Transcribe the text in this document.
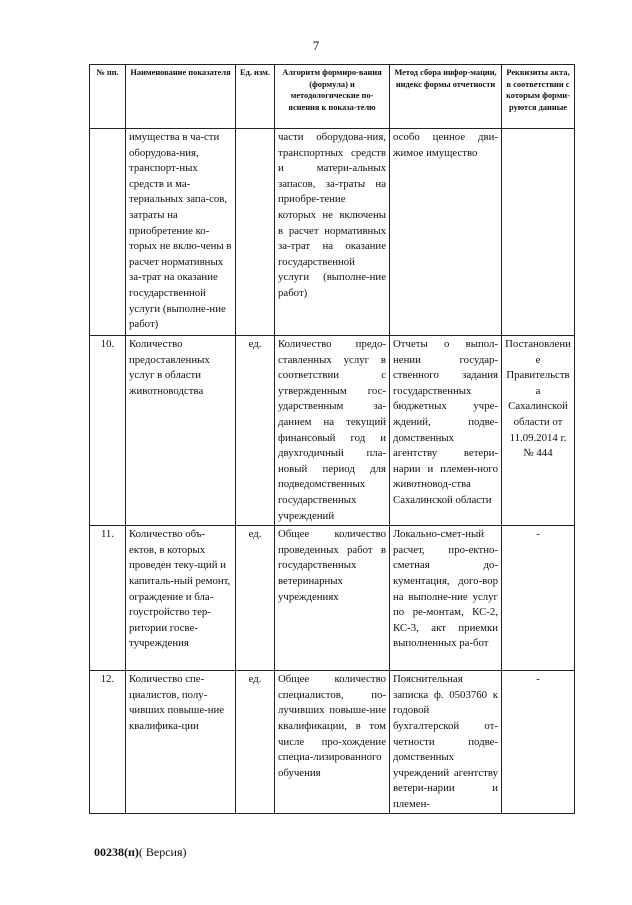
7
№ пп.	Наименование показателя	Ед. изм.	Алгоритм формиро-вания (формула) и методологические по-яснения к показа-телю	Метод сбора инфор-мации, индекс формы отчетности	Реквизиты акта, в соответствии с которым форми-руются данные
	имущества в ча-сти оборудова-ния, транспорт-ных средств и ма-териальных запа-сов, затраты на приобретение ко-торых не вклю-чены в расчет нормативных за-трат на оказание государственной услуги (выполне-ние работ)		части оборудова-ния, транспортных средств и матери-альных запасов, за-траты на приобре-тение которых не включены в расчет нормативных за-трат на оказание государственной услуги (выполне-ние работ)	особо ценное дви-жимое имущество	
10.	Количество предоставленных услуг в области животноводства	ед.	Количество предо-ставленных услуг в соответствии с утвержденным гос-ударственным за-данием на текущий финансовый год и двухгодичный пла-новый период для подведомственных государственных учреждений	Отчеты о выпол-нении государ-ственного задания государственных бюджетных учре-ждений, подве-домственных агентству ветери-нарии и племен-ного животновод-ства Сахалинской области	Постановление Правительства Сахалинской области от 11.09.2014 г. № 444
11.	Количество объ-ектов, в которых проведен теку-щий и капиталь-ный ремонт, ограждение и бла-гоустройство тер-ритории госве-тучреждения	ед.	Общее количество проведенных работ в государственных ветеринарных учреждениях	Локально-смет-ный расчет, про-ектно-сметная до-кументация, дого-вор на выполне-ние услуг по ре-монтам, КС-2, КС-3, акт приемки выполненных ра-бот	-
12.	Количество спе-циалистов, полу-чивших повыше-ние квалифика-ции	ед.	Общее количество специалистов, по-лучивших повыше-ние квалификации, в том числе про-хождение специа-лизированного обучения	Пояснительная записка ф. 0503760 к годовой бухгалтерской от-четности подве-домственных учреждений агентству ветери-нарии и племен-	-
00238(п)( Версия)
